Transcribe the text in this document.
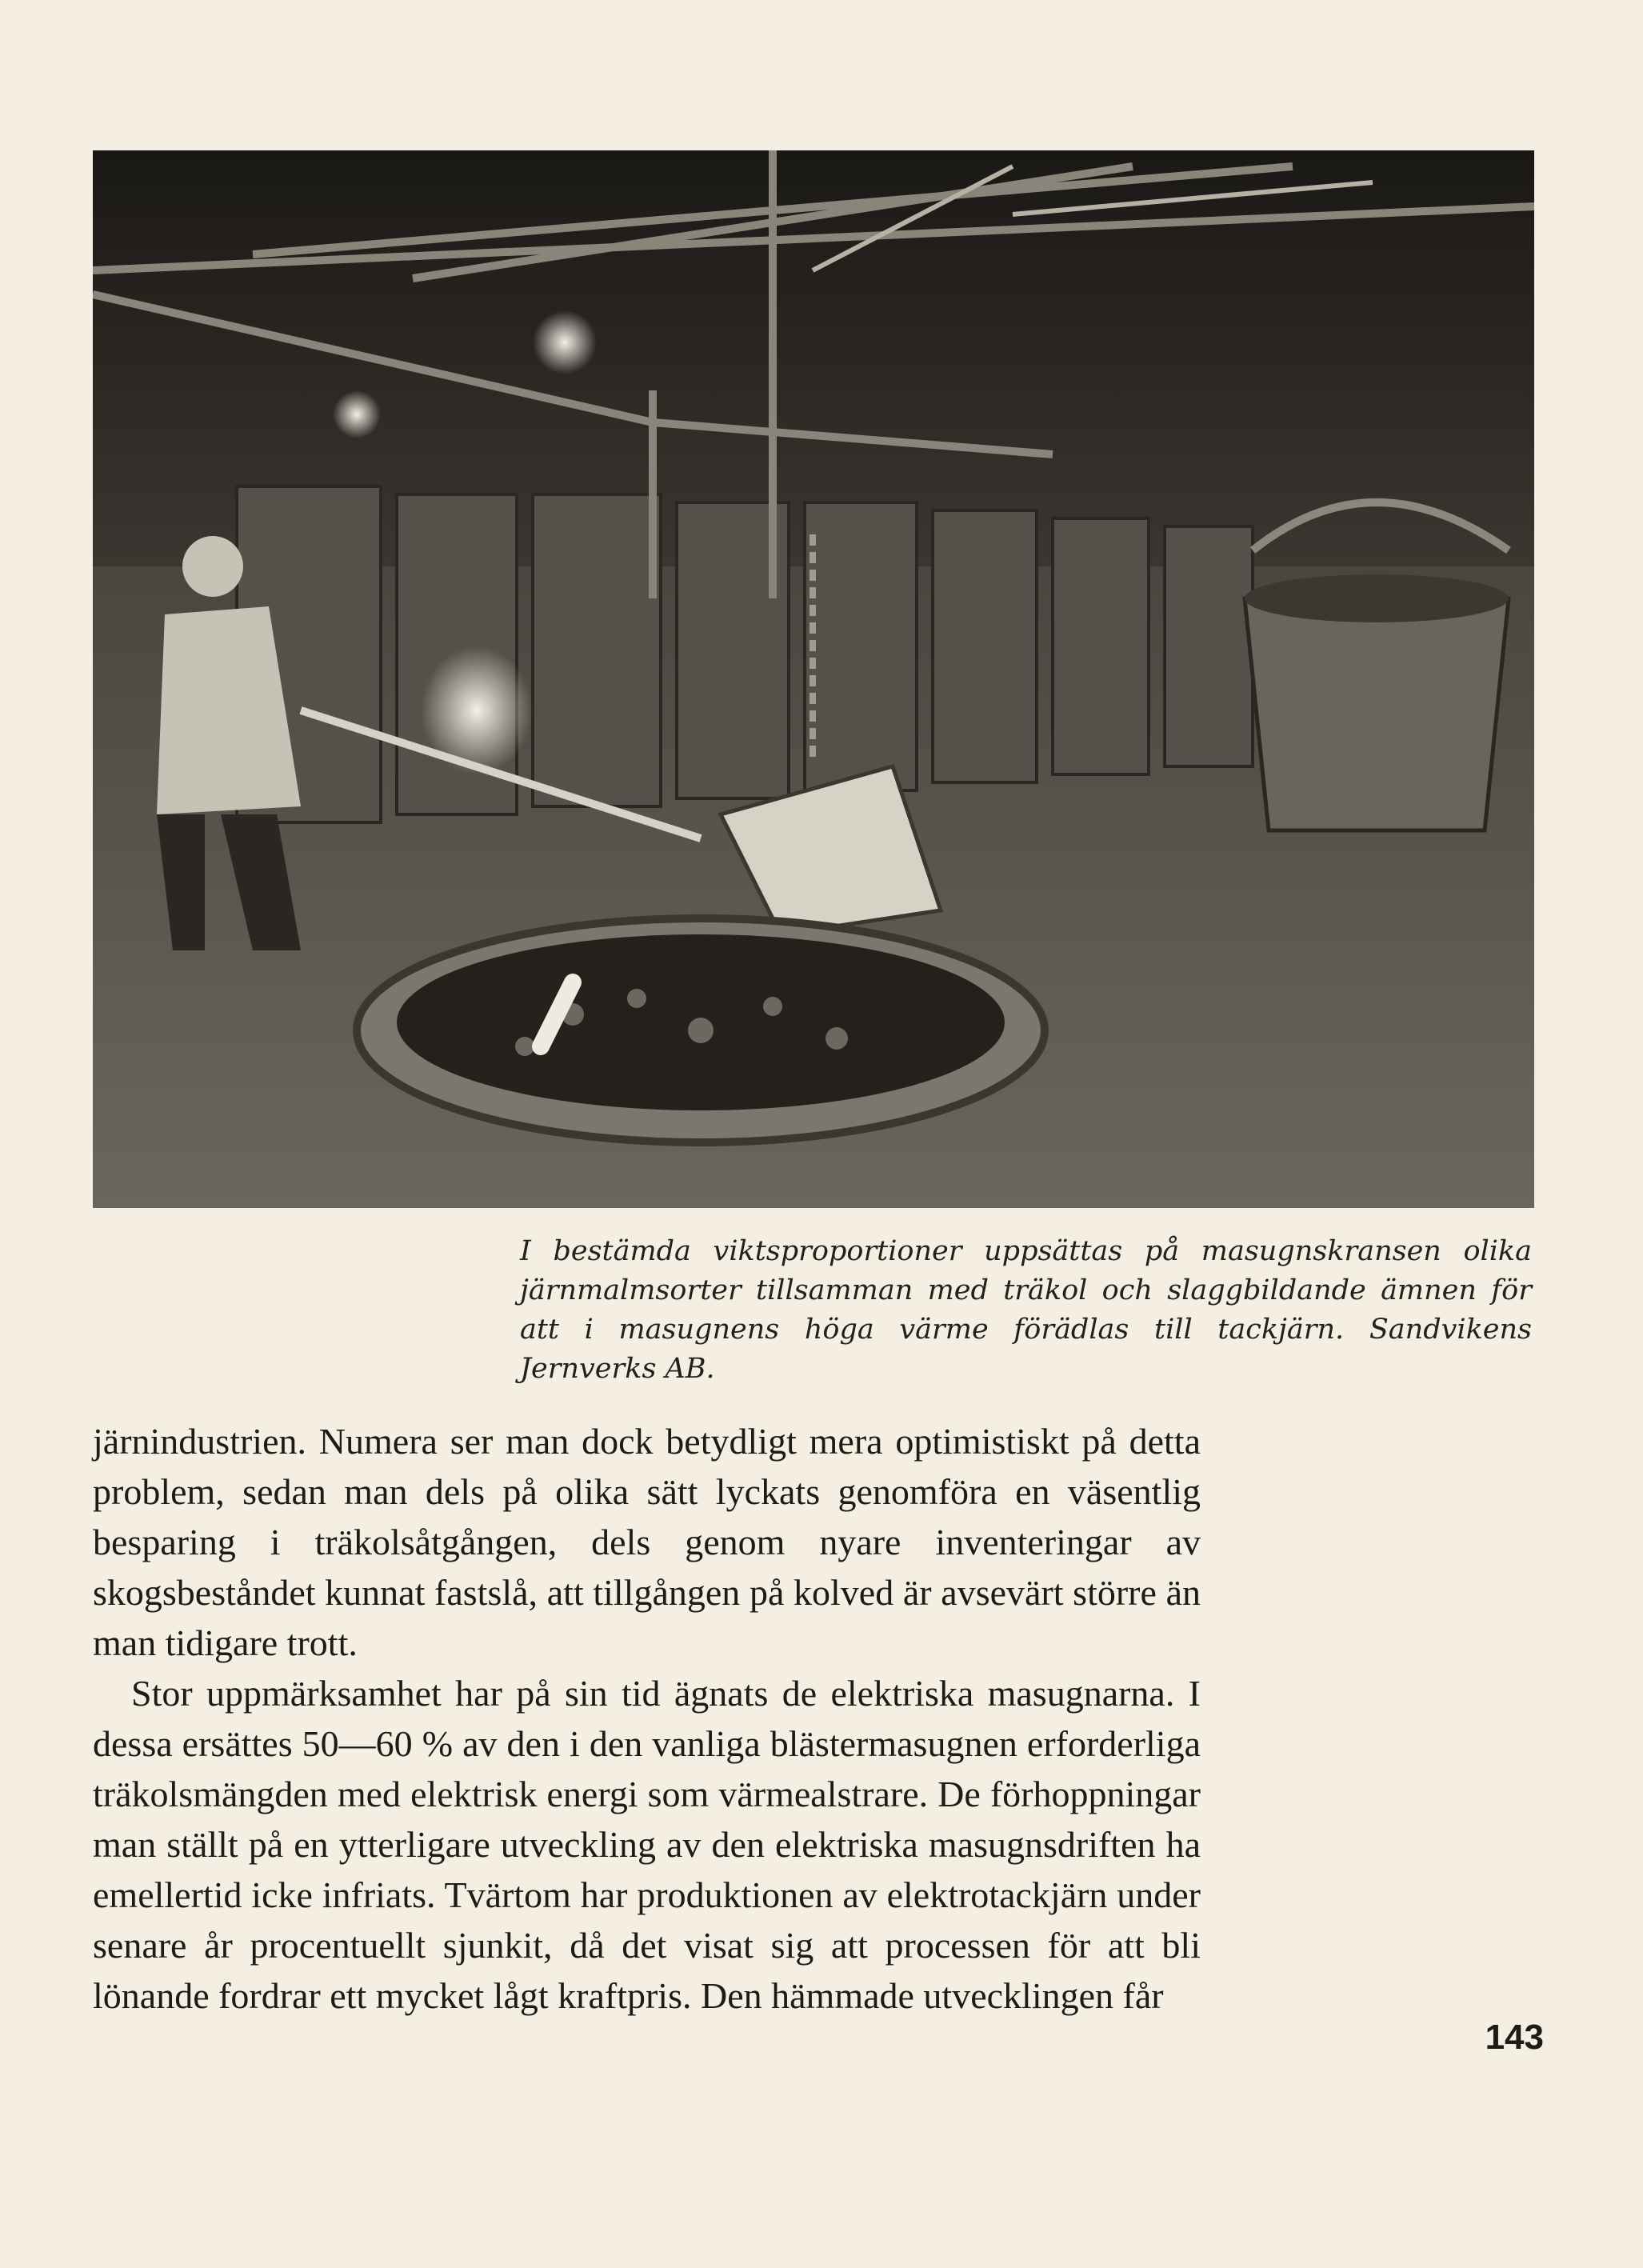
I bestämda viktsproportioner uppsättas på masugnskransen olika järnmalmsorter tillsamman med träkol och slaggbildande ämnen för att i masugnens höga värme förädlas till tackjärn. Sandvikens Jernverks AB.

järnindustrien. Numera ser man dock betydligt mera optimistiskt på detta problem, sedan man dels på olika sätt lyckats genomföra en väsentlig besparing i träkolsåtgången, dels genom nyare inventeringar av skogsbeståndet kunnat fastslå, att tillgången på kolved är avsevärt större än man tidigare trott.

Stor uppmärksamhet har på sin tid ägnats de elektriska masugnarna. I dessa ersättes 50—60 % av den i den vanliga blästermasugnen erforderliga träkolsmängden med elektrisk energi som värmealstrare. De förhoppningar man ställt på en ytterligare utveckling av den elektriska masugnsdriften ha emellertid icke infriats. Tvärtom har produktionen av elektrotackjärn under senare år procentuellt sjunkit, då det visat sig att processen för att bli lönande fordrar ett mycket lågt kraftpris. Den hämmade utvecklingen får

143
